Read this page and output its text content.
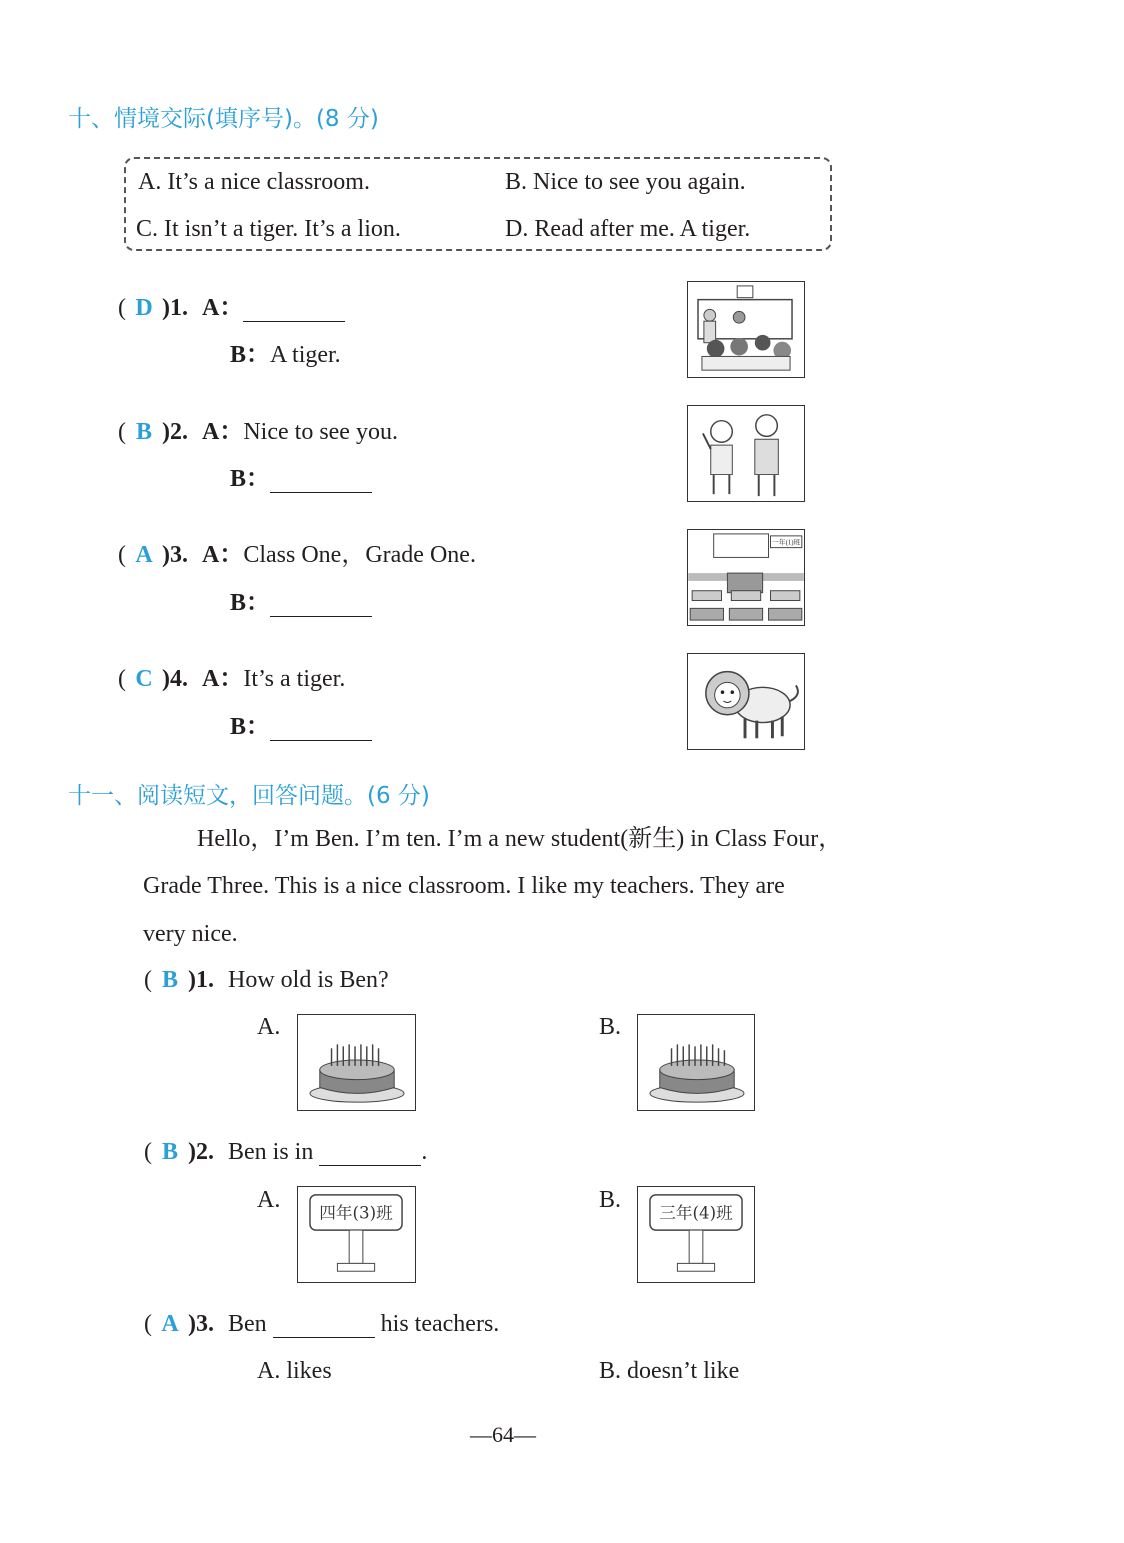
十、情境交际(填序号)。(8 分)
A. It’s a nice classroom.	B. Nice to see you again.
C. It isn’t a tiger. It’s a lion.	D. Read after me. A tiger.
( D )1. A：
B：A tiger.
( B )2. A：Nice to see you.
B：
( A )3. A：Class One，Grade One.
B：
( C )4. A：It’s a tiger.
B：
一年(1)班
十一、阅读短文，回答问题。(6 分)
Hello，I’m Ben. I’m ten. I’m a new student(新生) in Class Four，
Grade Three. This is a nice classroom. I like my teachers. They are
very nice.
( B )1. How old is Ben?
A.	B.
( B )2. Ben is in	.
A.	B.
四年(3)班	三年(4)班
( A )3. Ben	his teachers.
A. likes	B. doesn’t like
—64—
